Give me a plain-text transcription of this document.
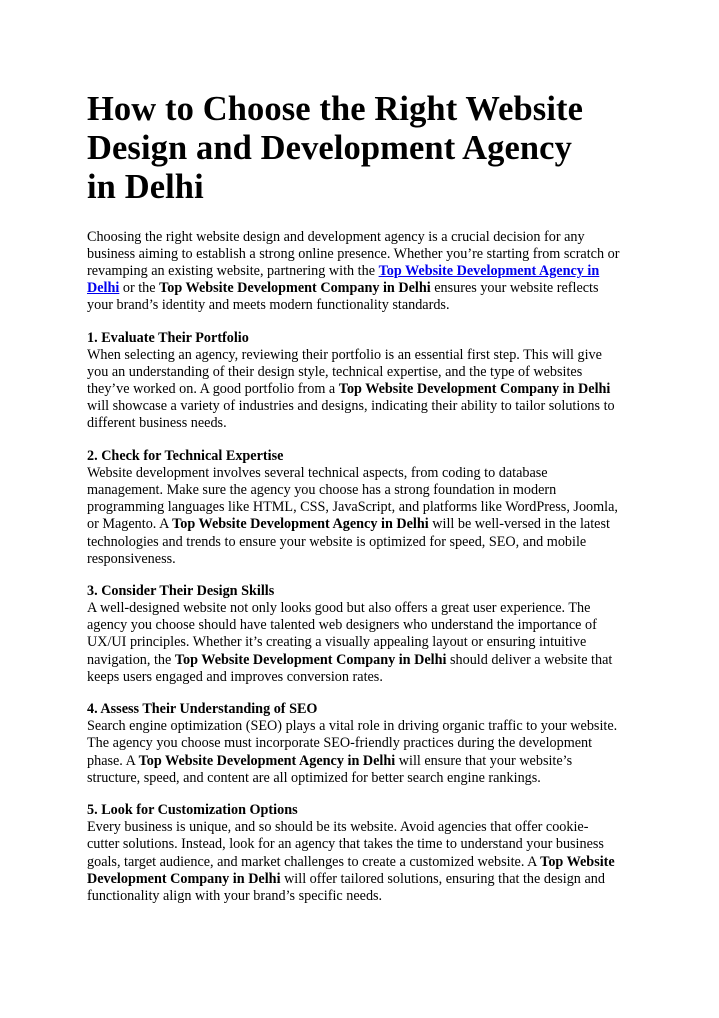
How to Choose the Right Website
Design and Development Agency
in Delhi

Choosing the right website design and development agency is a crucial decision for any
business aiming to establish a strong online presence. Whether you’re starting from scratch or
revamping an existing website, partnering with the Top Website Development Agency in
Delhi or the Top Website Development Company in Delhi ensures your website reflects
your brand’s identity and meets modern functionality standards.

1. Evaluate Their Portfolio
When selecting an agency, reviewing their portfolio is an essential first step. This will give
you an understanding of their design style, technical expertise, and the type of websites
they’ve worked on. A good portfolio from a Top Website Development Company in Delhi
will showcase a variety of industries and designs, indicating their ability to tailor solutions to
different business needs.

2. Check for Technical Expertise
Website development involves several technical aspects, from coding to database
management. Make sure the agency you choose has a strong foundation in modern
programming languages like HTML, CSS, JavaScript, and platforms like WordPress, Joomla,
or Magento. A Top Website Development Agency in Delhi will be well-versed in the latest
technologies and trends to ensure your website is optimized for speed, SEO, and mobile
responsiveness.

3. Consider Their Design Skills
A well-designed website not only looks good but also offers a great user experience. The
agency you choose should have talented web designers who understand the importance of
UX/UI principles. Whether it’s creating a visually appealing layout or ensuring intuitive
navigation, the Top Website Development Company in Delhi should deliver a website that
keeps users engaged and improves conversion rates.

4. Assess Their Understanding of SEO
Search engine optimization (SEO) plays a vital role in driving organic traffic to your website.
The agency you choose must incorporate SEO-friendly practices during the development
phase. A Top Website Development Agency in Delhi will ensure that your website’s
structure, speed, and content are all optimized for better search engine rankings.

5. Look for Customization Options
Every business is unique, and so should be its website. Avoid agencies that offer cookie-
cutter solutions. Instead, look for an agency that takes the time to understand your business
goals, target audience, and market challenges to create a customized website. A Top Website
Development Company in Delhi will offer tailored solutions, ensuring that the design and
functionality align with your brand’s specific needs.
